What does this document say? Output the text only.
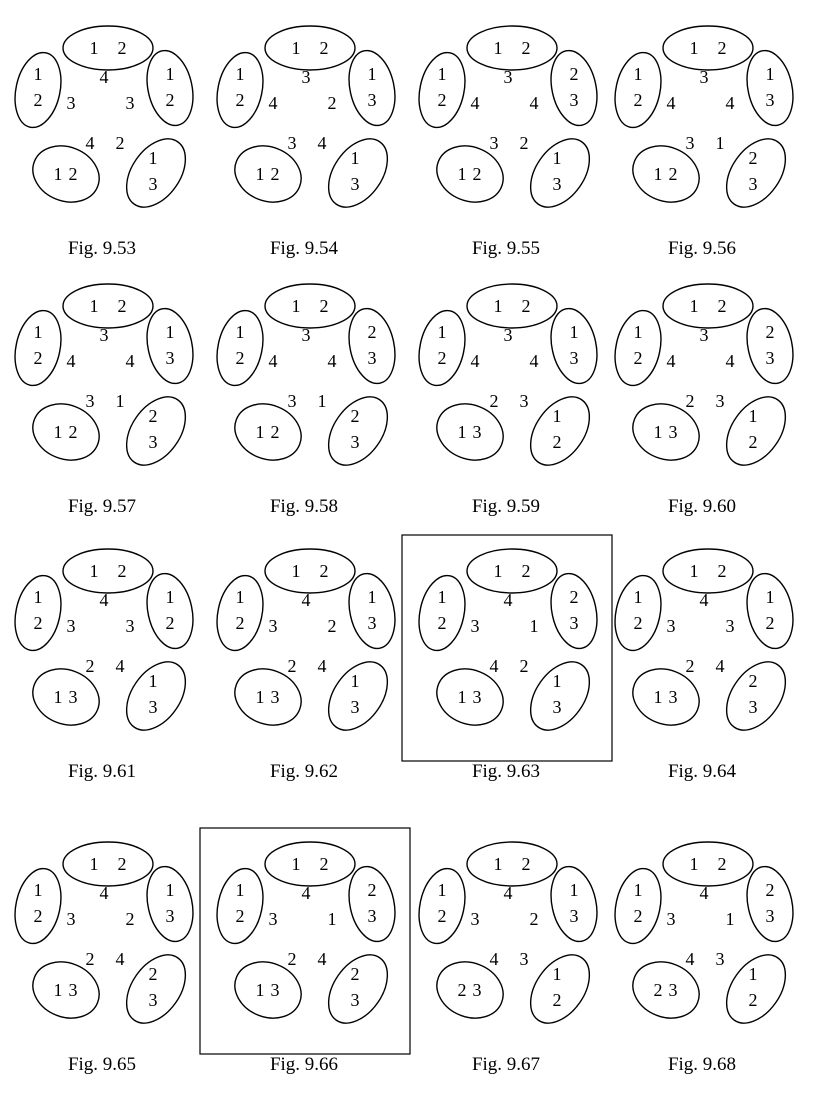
1 2
1
2
1
2
1 2
1
3
4
3	3
4 2
Fig. 9.53
1 2
1
2
1
3
1 2
1
3
3
4	2
3 4
Fig. 9.54
1 2
1
2
2
3
1 2
1
3
3
4	4
3 2
Fig. 9.55
1 2
1
2
1
3
1 2
2
3
3
4	4
3 1
Fig. 9.56
1 2
1
2
1
3
1 2
2
3
3
4	4
3 1
Fig. 9.57
1 2
1
2
2
3
1 2
2
3
3
4	4
3 1
Fig. 9.58
1 2
1
2
1
3
1 3
1
2
3
4	4
2 3
Fig. 9.59
1 2
1
2
2
3
1 3
1
2
3
4	4
2 3
Fig. 9.60
1 2
1
2
1
2
1 3
1
3
4
3	3
2 4
Fig. 9.61
1 2
1
2
1
3
1 3
1
3
4
3	2
2 4
Fig. 9.62
1 2
1
2
2
3
1 3
1
3
4
3	1
4 2
Fig. 9.63
1 2
1
2
1
2
1 3
2
3
4
3	3
2 4
Fig. 9.64
1 2
1
2
1
3
1 3
2
3
4
3	2
2 4
Fig. 9.65
1 2
1
2
2
3
1 3
2
3
4
3	1
2 4
Fig. 9.66
1 2
1
2
1
3
2 3
1
2
4
3	2
4 3
Fig. 9.67
1 2
1
2
2
3
2 3
1
2
4
3	1
4 3
Fig. 9.68
